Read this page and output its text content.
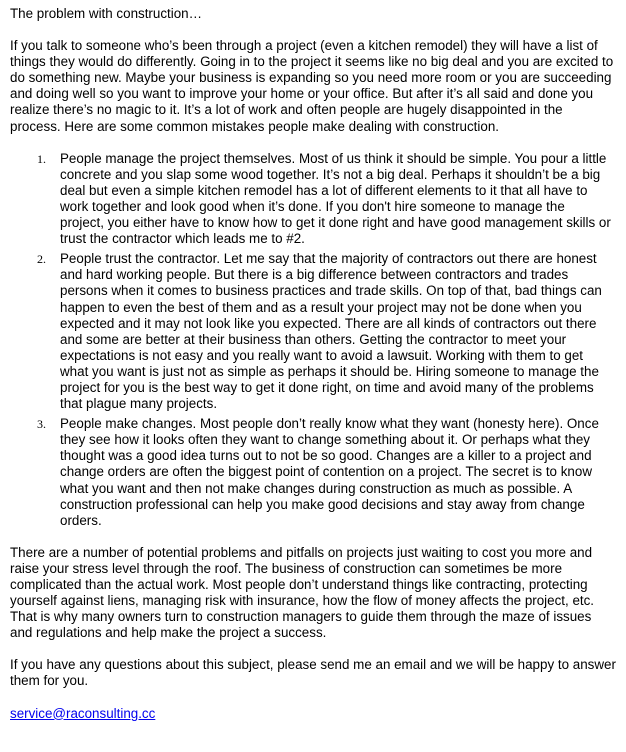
The problem with construction…

If you talk to someone who’s been through a project (even a kitchen remodel) they will have a list of things they would do differently. Going in to the project it seems like no big deal and you are excited to do something new. Maybe your business is expanding so you need more room or you are succeeding and doing well so you want to improve your home or your office. But after it’s all said and done you realize there’s no magic to it. It’s a lot of work and often people are hugely disappointed in the process. Here are some common mistakes people make dealing with construction.

1.	People manage the project themselves. Most of us think it should be simple. You pour a little concrete and you slap some wood together. It’s not a big deal. Perhaps it shouldn’t be a big deal but even a simple kitchen remodel has a lot of different elements to it that all have to work together and look good when it’s done. If you don't hire someone to manage the project, you either have to know how to get it done right and have good management skills or trust the contractor which leads me to #2.
2.	People trust the contractor. Let me say that the majority of contractors out there are honest and hard working people. But there is a big difference between contractors and trades persons when it comes to business practices and trade skills. On top of that, bad things can happen to even the best of them and as a result your project may not be done when you expected and it may not look like you expected. There are all kinds of contractors out there and some are better at their business than others. Getting the contractor to meet your expectations is not easy and you really want to avoid a lawsuit. Working with them to get what you want is just not as simple as perhaps it should be. Hiring someone to manage the project for you is the best way to get it done right, on time and avoid many of the problems that plague many projects.
3.	People make changes. Most people don’t really know what they want (honesty here). Once they see how it looks often they want to change something about it. Or perhaps what they thought was a good idea turns out to not be so good. Changes are a killer to a project and change orders are often the biggest point of contention on a project. The secret is to know what you want and then not make changes during construction as much as possible. A construction professional can help you make good decisions and stay away from change orders.

There are a number of potential problems and pitfalls on projects just waiting to cost you more and raise your stress level through the roof. The business of construction can sometimes be more complicated than the actual work. Most people don’t understand things like contracting, protecting yourself against liens, managing risk with insurance, how the flow of money affects the project, etc. That is why many owners turn to construction managers to guide them through the maze of issues and regulations and help make the project a success.

If you have any questions about this subject, please send me an email and we will be happy to answer them for you.

service@raconsulting.cc
